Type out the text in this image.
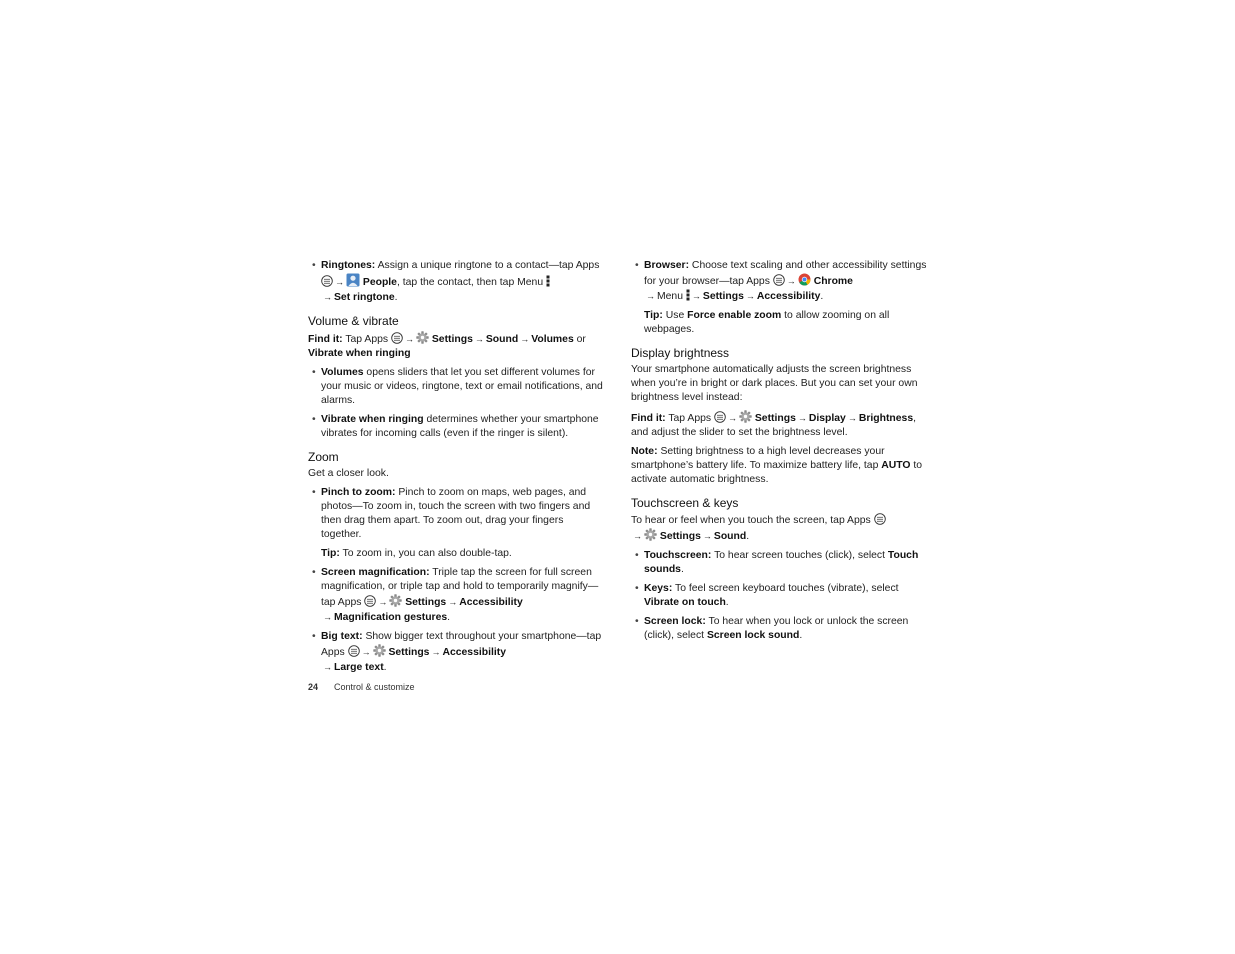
• Ringtones: Assign a unique ringtone to a contact—tap Apps → People, tap the contact, then tap Menu
→ Set ringtone.

Volume & vibrate

Find it: Tap Apps → Settings → Sound → Volumes or
Vibrate when ringing

• Volumes opens sliders that let you set different volumes for your music or videos, ringtone, text or email notifications, and alarms.

• Vibrate when ringing determines whether your smartphone vibrates for incoming calls (even if the ringer is silent).

Zoom

Get a closer look.

• Pinch to zoom: Pinch to zoom on maps, web pages, and photos—To zoom in, touch the screen with two fingers and then drag them apart. To zoom out, drag your fingers together.

Tip: To zoom in, you can also double-tap.

• Screen magnification: Triple tap the screen for full screen magnification, or triple tap and hold to temporarily magnify—tap Apps → Settings → Accessibility
→ Magnification gestures.

• Big text: Show bigger text throughout your smartphone—tap Apps → Settings → Accessibility
→ Large text.

• Browser: Choose text scaling and other accessibility settings for your browser—tap Apps → Chrome
→ Menu → Settings → Accessibility.

Tip: Use Force enable zoom to allow zooming on all webpages.

Display brightness

Your smartphone automatically adjusts the screen brightness when you’re in bright or dark places. But you can set your own brightness level instead:

Find it: Tap Apps → Settings → Display → Brightness, and adjust the slider to set the brightness level.

Note: Setting brightness to a high level decreases your smartphone’s battery life. To maximize battery life, tap AUTO to activate automatic brightness.

Touchscreen & keys

To hear or feel when you touch the screen, tap Apps
→ Settings → Sound.

• Touchscreen: To hear screen touches (click), select Touch sounds.

• Keys: To feel screen keyboard touches (vibrate), select Vibrate on touch.

• Screen lock: To hear when you lock or unlock the screen (click), select Screen lock sound.

24 Control & customize
